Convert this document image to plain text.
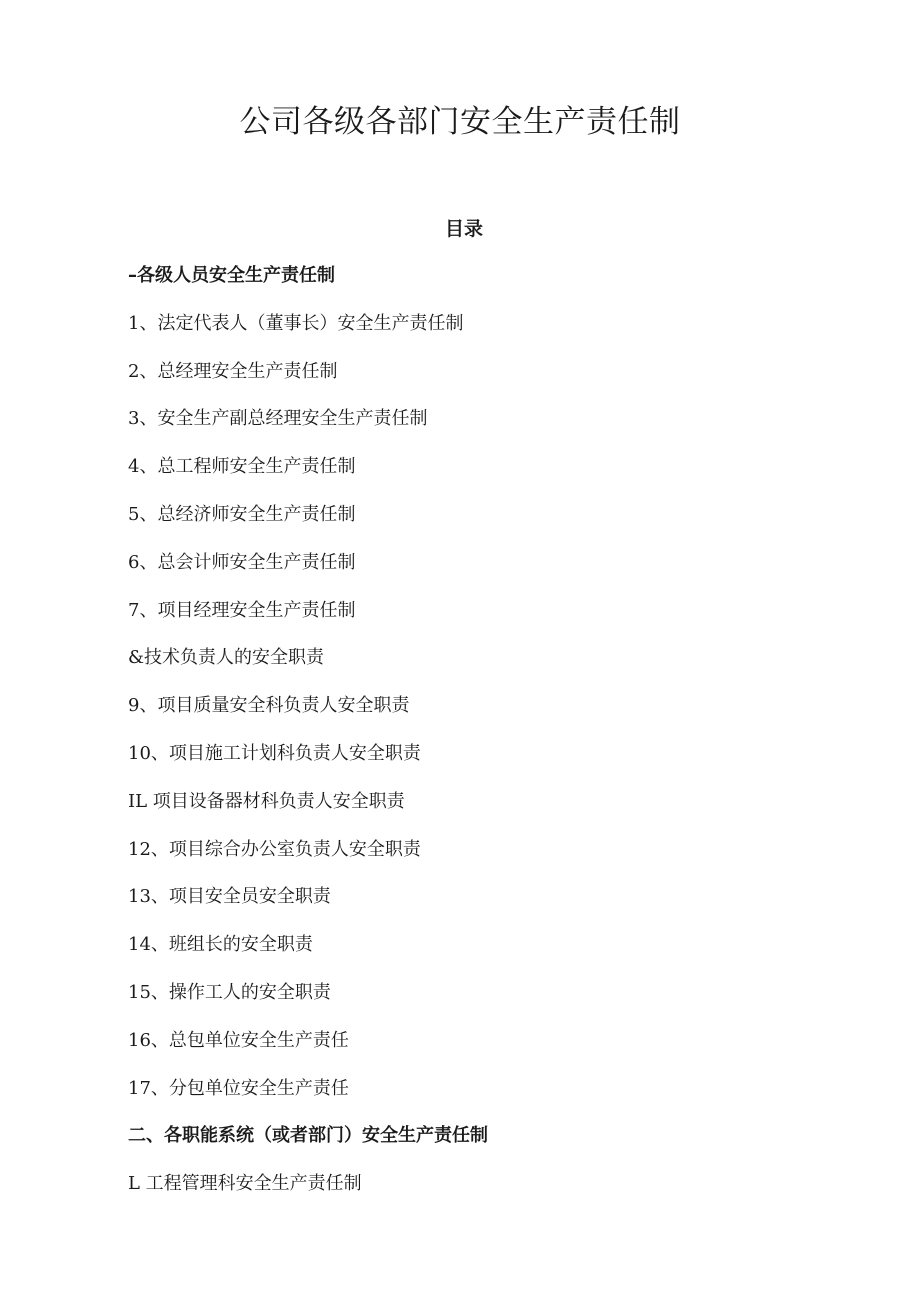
公司各级各部门安全生产责任制
目录
–各级人员安全生产责任制
1、法定代表人（董事长）安全生产责任制
2、总经理安全生产责任制
3、安全生产副总经理安全生产责任制
4、总工程师安全生产责任制
5、总经济师安全生产责任制
6、总会计师安全生产责任制
7、项目经理安全生产责任制
&技术负责人的安全职责
9、项目质量安全科负责人安全职责
10、项目施工计划科负责人安全职责
IL 项目设备器材科负责人安全职责
12、项目综合办公室负责人安全职责
13、项目安全员安全职责
14、班组长的安全职责
15、操作工人的安全职责
16、总包单位安全生产责任
17、分包单位安全生产责任
二、各职能系统（或者部门）安全生产责任制
L 工程管理科安全生产责任制
